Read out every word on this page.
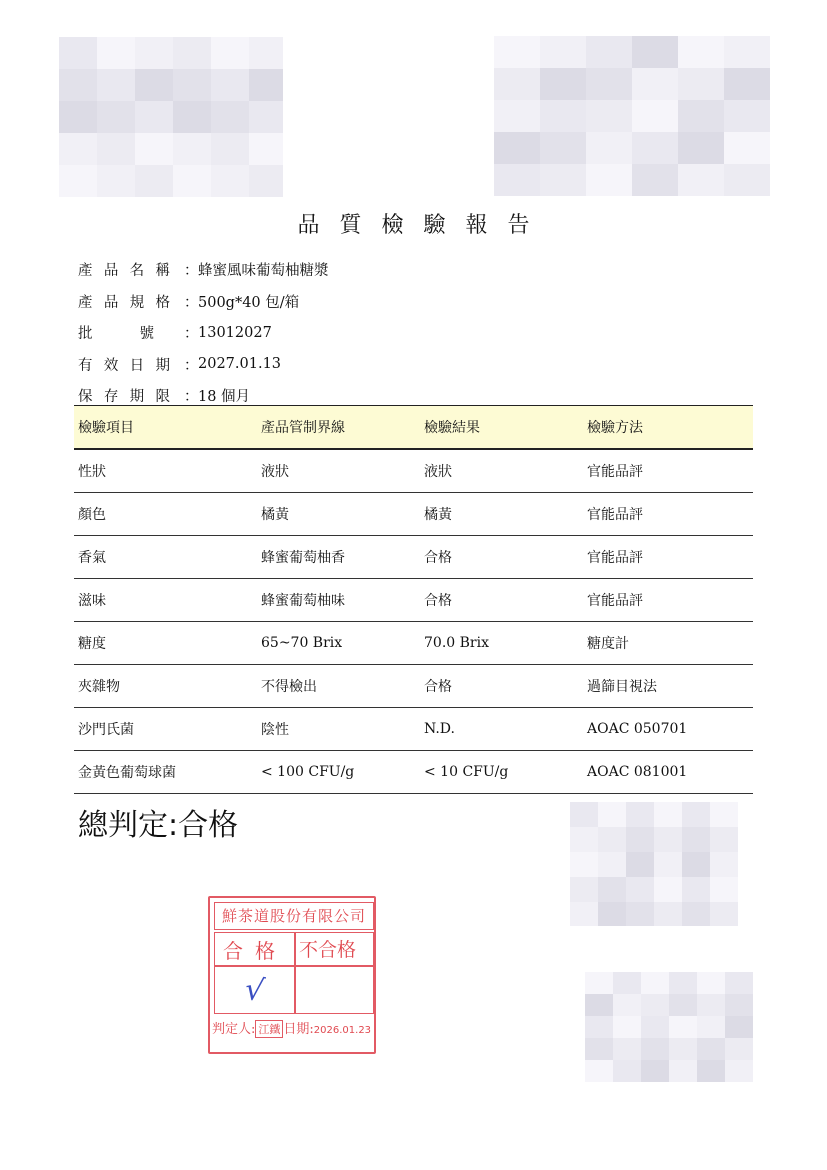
品 質 檢 驗 報 告
產 品 名 稱 ： 蜂蜜風味葡萄柚糖漿
產 品 規 格 ： 500g*40 包/箱
批	號 ： 13012027
有 效 日 期 ： 2027.01.13
保 存 期 限 ： 18 個月
檢驗項目	產品管制界線	檢驗結果	檢驗方法
性狀	液狀	液狀	官能品評
顏色	橘黃	橘黃	官能品評
香氣	蜂蜜葡萄柚香	合格	官能品評
滋味	蜂蜜葡萄柚味	合格	官能品評
糖度	65~70 Brix	70.0 Brix	糖度計
夾雜物	不得檢出	合格	過篩目視法
沙門氏菌	陰性	N.D.	AOAC 050701
金黃色葡萄球菌	< 100 CFU/g	< 10 CFU/g	AOAC 081001
總判定:合格
鮮茶道股份有限公司
合格 不合格
√
判定人: 江鐵 日期:2026.01.23
